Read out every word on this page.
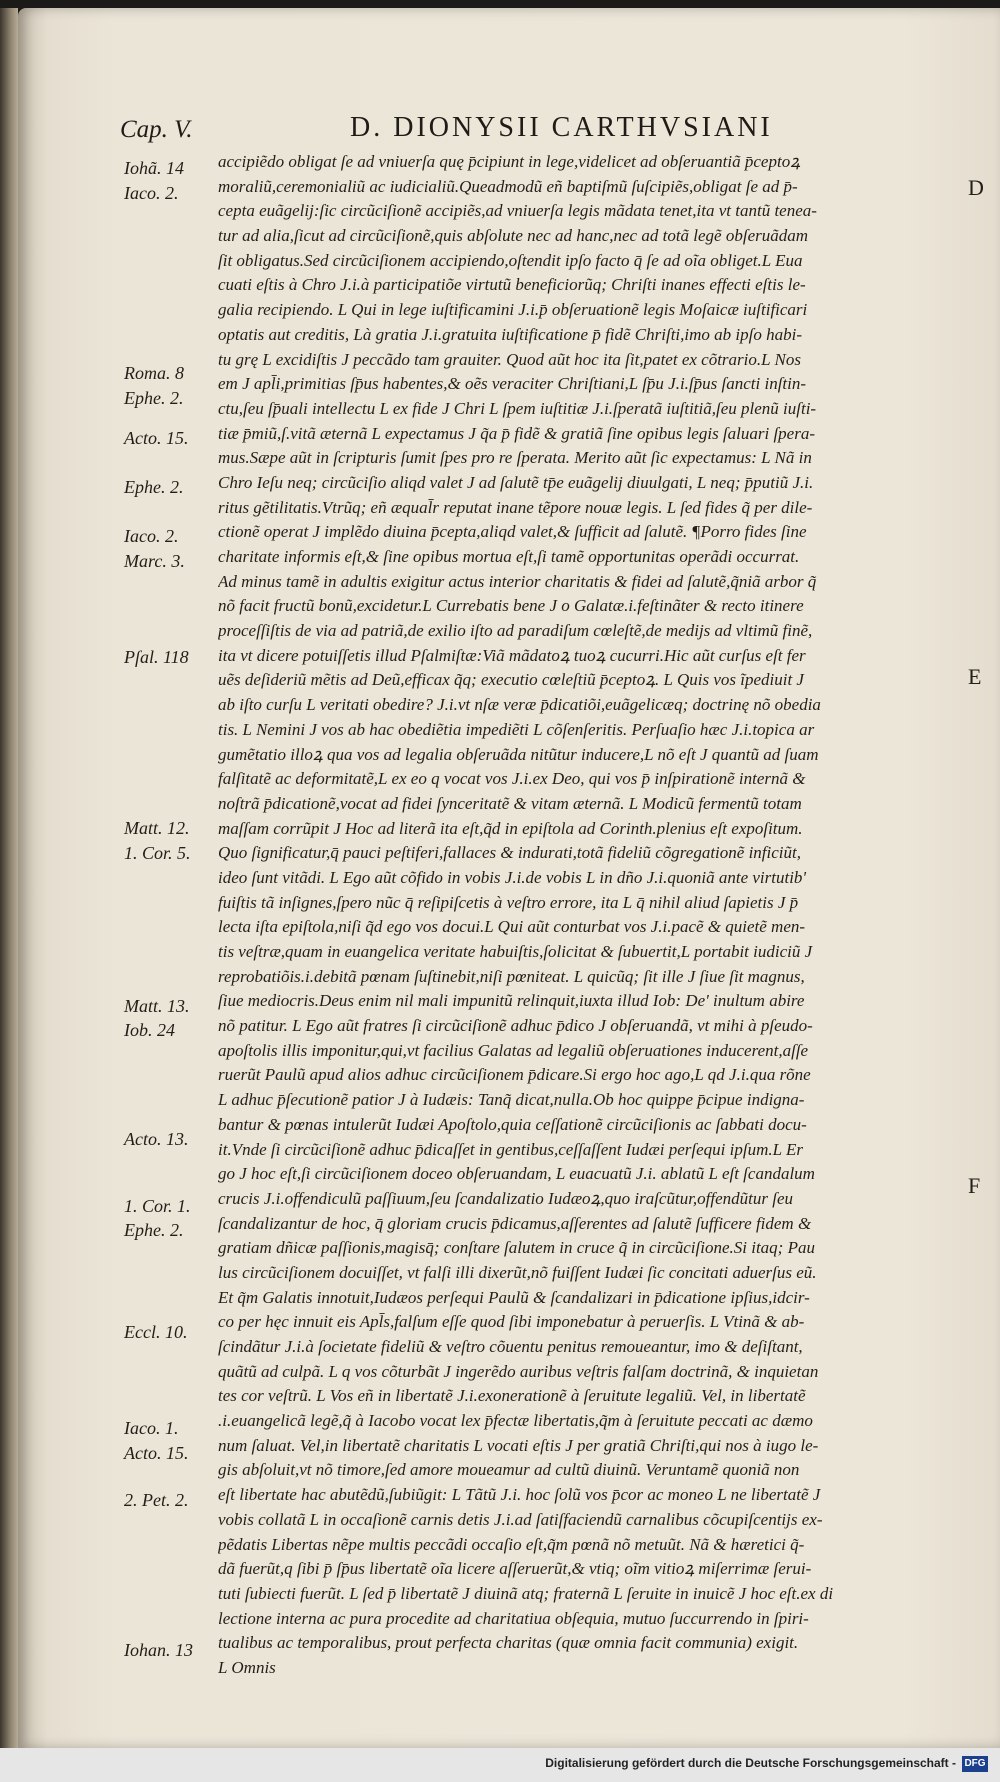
Cap. V.	D. DIONYSII CARTHVSIANI
accipiẽdo obligat ſe ad vniuerſa quę p̄cipiunt in lege,videlicet ad obſeruantiã p̄ceptoꝝ
moraliũ,ceremonialiũ ac iudicialiũ.Queadmodũ eñ baptiſmũ ſuſcipiẽs,obligat ſe ad p̄-
cepta euãgelij:ſic circũciſionẽ accipiẽs,ad vniuerſa legis mãdata tenet,ita vt tantũ tenea-
tur ad alia,ſicut ad circũciſionẽ,quis abſolute nec ad hanc,nec ad totã legẽ obſeruãdam
ſit obligatus.Sed circũciſionem accipiendo,oſtendit ipſo facto q̄ ſe ad oĩa obliget.L Eua
cuati eſtis à Chro J.i.à participatiõe virtutũ beneficiorũq; Chriſti inanes effecti eſtis le-
galia recipiendo. L Qui in lege iuſtificamini J.i.p̄ obſeruationẽ legis Moſaicæ iuſtificari
optatis aut creditis, Là gratia J.i.gratuita iuſtificatione p̄ fidẽ Chriſti,imo ab ipſo habi-
tu grę L excidiſtis J peccãdo tam grauiter. Quod aũt hoc ita ſit,patet ex cõtrario.L Nos
em J apl̄i,primitias ſp̄us habentes,& oẽs veraciter Chriſtiani,L ſp̄u J.i.ſp̄us ſancti inſtin-
ctu,ſeu ſp̄uali intellectu L ex fide J Chri L ſpem iuſtitiæ J.i.ſperatã iuſtitiã,ſeu plenũ iuſti-
tiæ p̄miũ,ſ.vitã æternã L expectamus J q̃a p̄ fidẽ & gratiã ſine opibus legis ſaluari ſpera-
mus.Sæpe aũt in ſcripturis ſumit ſpes pro re ſperata. Merito aũt ſic expectamus: L Nã in
Chro Ieſu neq; circũciſio aliqd valet J ad ſalutẽ tp̄e euãgelij diuulgati, L neq; p̄putiũ J.i.
ritus gẽtilitatis.Vtrũq; eñ æqual̄r reputat inane tẽpore nouæ legis. L ſed fides q̃ per dile-
ctionẽ operat J implẽdo diuina p̄cepta,aliqd valet,& ſufficit ad ſalutẽ. ¶Porro fides ſine
charitate informis eſt,& ſine opibus mortua eſt,ſi tamẽ opportunitas operãdi occurrat.
Ad minus tamẽ in adultis exigitur actus interior charitatis & fidei ad ſalutẽ,q̃niã arbor q̃
nõ facit fructũ bonũ,excidetur.L Currebatis bene J o Galatæ.i.feſtinãter & recto itinere
proceſſiſtis de via ad patriã,de exilio iſto ad paradiſum cœleſtẽ,de medijs ad vltimũ finẽ,
ita vt dicere potuiſſetis illud Pſalmiſtæ:Viã mãdatoꝝ tuoꝝ cucurri.Hic aũt curſus eſt fer
uẽs deſideriũ mẽtis ad Deũ,efficax q̃q; executio cœleſtiũ p̄ceptoꝝ. L Quis vos ĩpediuit J
ab iſto curſu L veritati obedire? J.i.vt nſæ veræ p̄dicatiõi,euãgelicæq; doctrinę nõ obedia
tis. L Nemini J vos ab hac obediẽtia impediẽti L cõſenſeritis. Perſuaſio hæc J.i.topica ar
gumẽtatio illoꝝ qua vos ad legalia obſeruãda nitũtur inducere,L nõ eſt J quantũ ad ſuam
falſitatẽ ac deformitatẽ,L ex eo q vocat vos J.i.ex Deo, qui vos p̄ inſpirationẽ internã &
noſtrã p̄dicationẽ,vocat ad fidei ſynceritatẽ & vitam æternã. L Modicũ fermentũ totam
maſſam corrũpit J Hoc ad literã ita eſt,q̃d in epiſtola ad Corinth.plenius eſt expoſitum.
Quo ſignificatur,q̄ pauci peſtiferi,fallaces & indurati,totã fideliũ cõgregationẽ inficiũt,
ideo ſunt vitãdi. L Ego aũt cõfido in vobis J.i.de vobis L in dño J.i.quoniã ante virtutib'
fuiſtis tã inſignes,ſpero nũc q̄ reſipiſcetis à veſtro errore, ita L q̄ nihil aliud ſapietis J p̄
lecta iſta epiſtola,niſi q̃d ego vos docui.L Qui aũt conturbat vos J.i.pacẽ & quietẽ men-
tis veſtræ,quam in euangelica veritate habuiſtis,ſolicitat & ſubuertit,L portabit iudiciũ J
reprobatiõis.i.debitã pœnam ſuſtinebit,niſi pœniteat. L quicũq; ſit ille J ſiue ſit magnus,
ſiue mediocris.Deus enim nil mali impunitũ relinquit,iuxta illud Iob: De' inultum abire
nõ patitur. L Ego aũt fratres ſi circũciſionẽ adhuc p̄dico J obſeruandã, vt mihi à pſeudo-
apoſtolis illis imponitur,qui,vt facilius Galatas ad legaliũ obſeruationes inducerent,aſſe
ruerũt Paulũ apud alios adhuc circũciſionem p̄dicare.Si ergo hoc ago,L qd J.i.qua rõne
L adhuc p̄ſecutionẽ patior J à Iudæis: Tanq̃ dicat,nulla.Ob hoc quippe p̄cipue indigna-
bantur & pœnas intulerũt Iudæi Apoſtolo,quia ceſſationẽ circũciſionis ac ſabbati docu-
it.Vnde ſi circũciſionẽ adhuc p̄dicaſſet in gentibus,ceſſaſſent Iudæi perſequi ipſum.L Er
go J hoc eſt,ſi circũciſionem doceo obſeruandam, L euacuatũ J.i. ablatũ L eſt ſcandalum
crucis J.i.offendiculũ paſſiuum,ſeu ſcandalizatio Iudæoꝝ,quo iraſcũtur,offendũtur ſeu
ſcandalizantur de hoc, q̄ gloriam crucis p̄dicamus,aſſerentes ad ſalutẽ ſufficere fidem &
gratiam dñicæ paſſionis,magisq̄; conſtare ſalutem in cruce q̃ in circũciſione.Si itaq; Pau
lus circũciſionem docuiſſet, vt falſi illi dixerũt,nõ fuiſſent Iudæi ſic concitati aduerſus eũ.
Et q̃m Galatis innotuit,Iudæos perſequi Paulũ & ſcandalizari in p̄dicatione ipſius,idcir-
co per hęc innuit eis Apl̄s,falſum eſſe quod ſibi imponebatur à peruerſis. L Vtinã & ab-
ſcindãtur J.i.à ſocietate fideliũ & veſtro cõuentu penitus remoueantur, imo & deſiſtant,
quãtũ ad culpã. L q vos cõturbãt J ingerẽdo auribus veſtris falſam doctrinã, & inquietan
tes cor veſtrũ. L Vos eñ in libertatẽ J.i.exonerationẽ à ſeruitute legaliũ. Vel, in libertatẽ
.i.euangelicã legẽ,q̃ à Iacobo vocat lex p̄fectæ libertatis,q̃m à ſeruitute peccati ac dæmo
num ſaluat. Vel,in libertatẽ charitatis L vocati eſtis J per gratiã Chriſti,qui nos à iugo le-
gis abſoluit,vt nõ timore,ſed amore moueamur ad cultũ diuinũ. Veruntamẽ quoniã non
eſt libertate hac abutẽdũ,ſubiũgit: L Tãtũ J.i. hoc ſolũ vos p̄cor ac moneo L ne libertatẽ J
vobis collatã L in occaſionẽ carnis detis J.i.ad ſatiſfaciendũ carnalibus cõcupiſcentijs ex-
pẽdatis Libertas nẽpe multis peccãdi occaſio eſt,q̃m pœnã nõ metuũt. Nã & hæretici q̃-
dã fuerũt,q ſibi p̄ ſp̄us libertatẽ oĩa licere aſſeruerũt,& vtiq; oĩm vitioꝝ miſerrimæ ſerui-
tuti ſubiecti fuerũt. L ſed p̄ libertatẽ J diuinã atq; fraternã L ſeruite in inuicẽ J hoc eſt.ex di
lectione interna ac pura procedite ad charitatiua obſequia, mutuo ſuccurrendo in ſpiri-
tualibus ac temporalibus, prout perfecta charitas (quæ omnia facit communia) exigit.
L Omnis
Iohã. 14
Iaco. 2.
Roma. 8
Ephe. 2.
Acto. 15.
Ephe. 2.
Iaco. 2.
Marc. 3.
Pſal. 118
Matt. 12.
1. Cor. 5.
Matt. 13.
Iob. 24
Acto. 13.
1. Cor. 1.
Ephe. 2.
Eccl. 10.
Iaco. 1.
Acto. 15.
2. Pet. 2.
Iohan. 13
D
E
F
Digitalisierung gefördert durch die Deutsche Forschungsgemeinschaft - DFG
